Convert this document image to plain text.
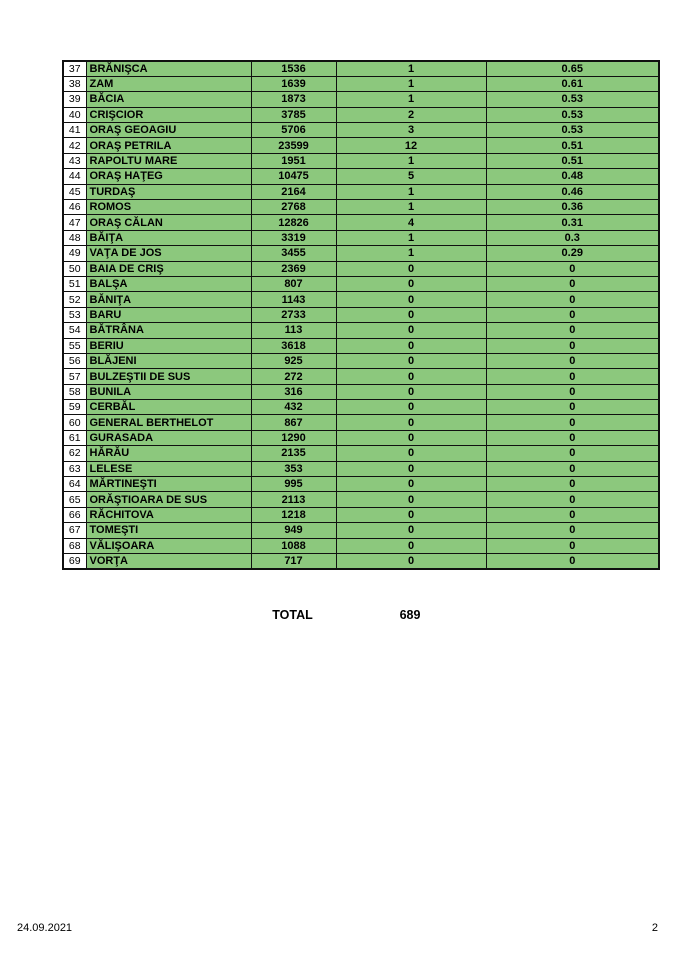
37	BRĂNIŞCA	1536	1	0.65
38	ZAM	1639	1	0.61
39	BĂCIA	1873	1	0.53
40	CRIŞCIOR	3785	2	0.53
41	ORAŞ GEOAGIU	5706	3	0.53
42	ORAŞ PETRILA	23599	12	0.51
43	RAPOLTU MARE	1951	1	0.51
44	ORAŞ HAŢEG	10475	5	0.48
45	TURDAŞ	2164	1	0.46
46	ROMOS	2768	1	0.36
47	ORAŞ CĂLAN	12826	4	0.31
48	BĂIŢA	3319	1	0.3
49	VAŢA DE JOS	3455	1	0.29
50	BAIA DE CRIŞ	2369	0	0
51	BALŞA	807	0	0
52	BĂNIŢA	1143	0	0
53	BARU	2733	0	0
54	BĂTRÂNA	113	0	0
55	BERIU	3618	0	0
56	BLĂJENI	925	0	0
57	BULZEŞTII DE SUS	272	0	0
58	BUNILA	316	0	0
59	CERBĂL	432	0	0
60	GENERAL BERTHELOT	867	0	0
61	GURASADA	1290	0	0
62	HĂRĂU	2135	0	0
63	LELESE	353	0	0
64	MĂRTINEŞTI	995	0	0
65	ORĂŞTIOARA DE SUS	2113	0	0
66	RĂCHITOVA	1218	0	0
67	TOMEŞTI	949	0	0
68	VĂLIŞOARA	1088	0	0
69	VORŢA	717	0	0
TOTAL	689
24.09.2021	2
